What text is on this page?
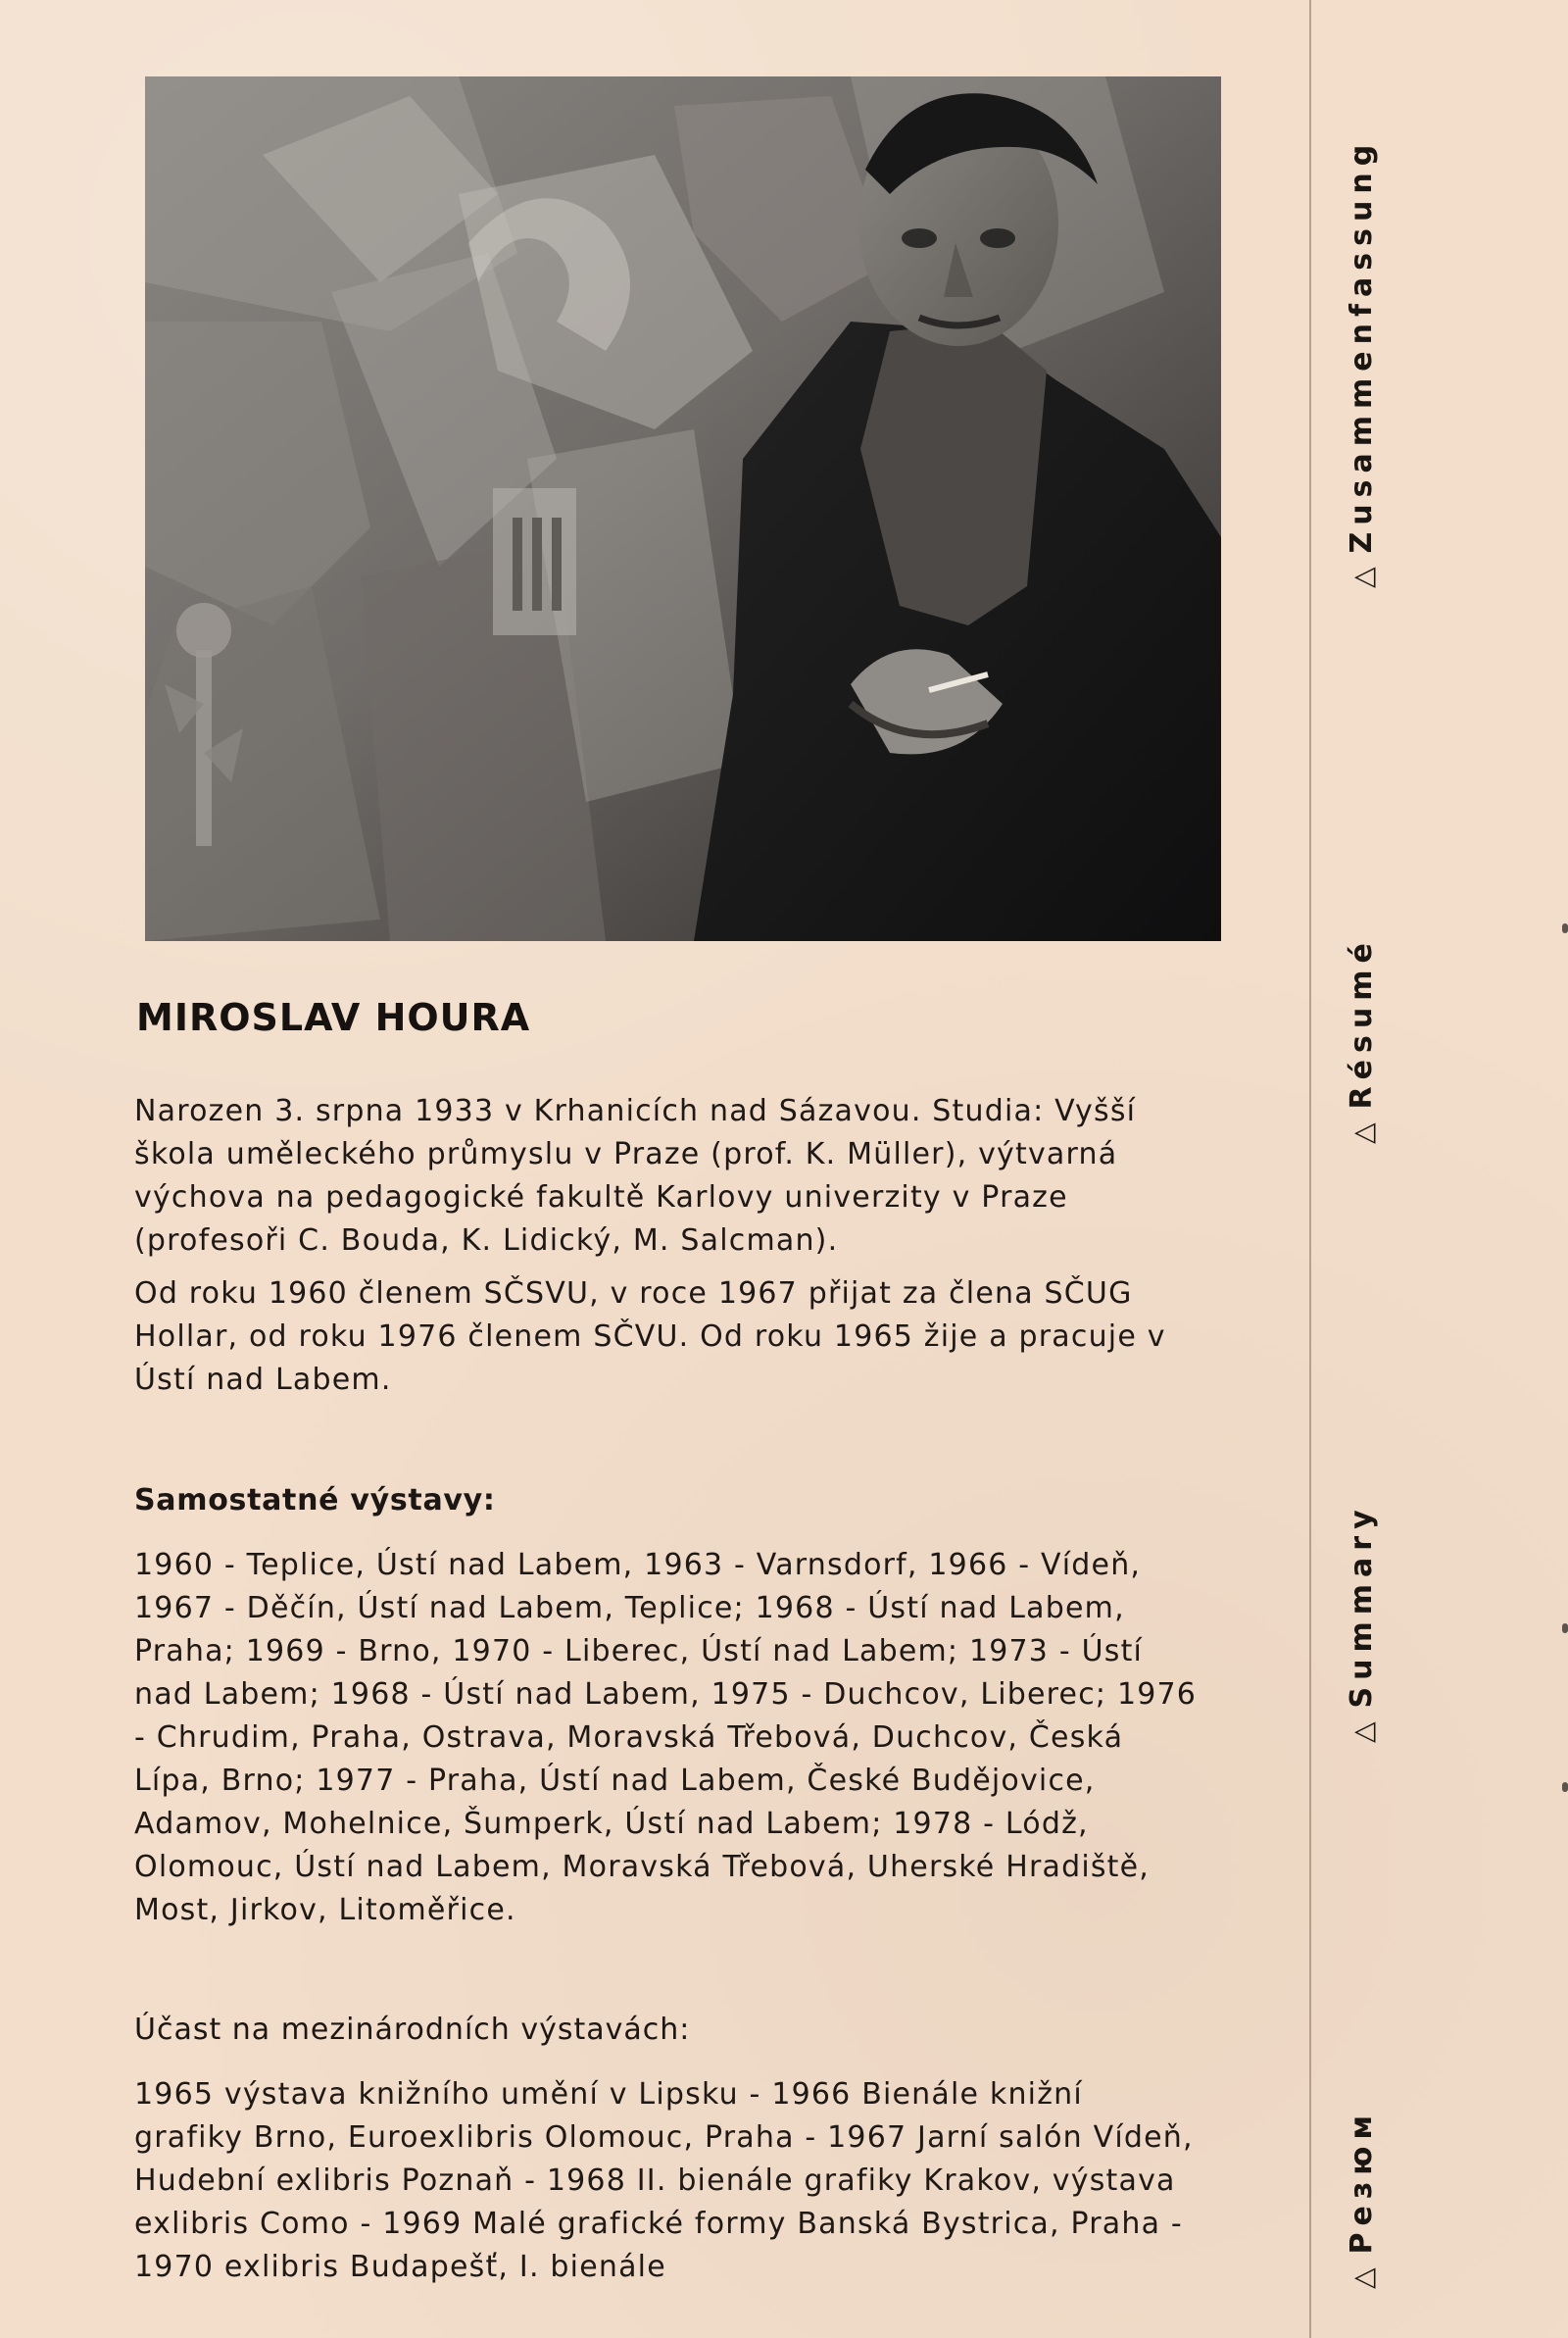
MIROSLAV HOURA

Narozen 3. srpna 1933 v Krhanicích nad Sázavou. Studia: Vyšší škola uměleckého průmyslu v Praze (prof. K. Müller), výtvarná výchova na pedagogické fakultě Karlovy univerzity v Praze (profesoři C. Bouda, K. Lidický, M. Salcman).

Od roku 1960 členem SČSVU, v roce 1967 přijat za člena SČUG Hollar, od roku 1976 členem SČVU. Od roku 1965 žije a pracuje v Ústí nad Labem.

Samostatné výstavy:
1960 - Teplice, Ústí nad Labem, 1963 - Varnsdorf, 1966 - Vídeň, 1967 - Děčín, Ústí nad Labem, Teplice; 1968 - Ústí nad Labem, Praha; 1969 - Brno, 1970 - Liberec, Ústí nad Labem; 1973 - Ústí nad Labem; 1968 - Ústí nad Labem, 1975 - Duchcov, Liberec; 1976 - Chrudim, Praha, Ostrava, Moravská Třebová, Duchcov, Česká Lípa, Brno; 1977 - Praha, Ústí nad Labem, České Budějovice, Adamov, Mohelnice, Šumperk, Ústí nad Labem; 1978 - Lódž, Olomouc, Ústí nad Labem, Moravská Třebová, Uherské Hradiště, Most, Jirkov, Litoměřice.
Účast na mezinárodních výstavách:
1965 výstava knižního umění v Lipsku - 1966 Bienále knižní grafiky Brno, Euroexlibris Olomouc, Praha - 1967 Jarní salón Vídeň, Hudební exlibris Poznaň - 1968 II. bienále grafiky Krakov, výstava exlibris Como - 1969 Malé grafické formy Banská Bystrica, Praha - 1970 exlibris Budapešť, I. bienále
△
Zusammenfassung
△
Résumé
△
Summary
△
Резюм
